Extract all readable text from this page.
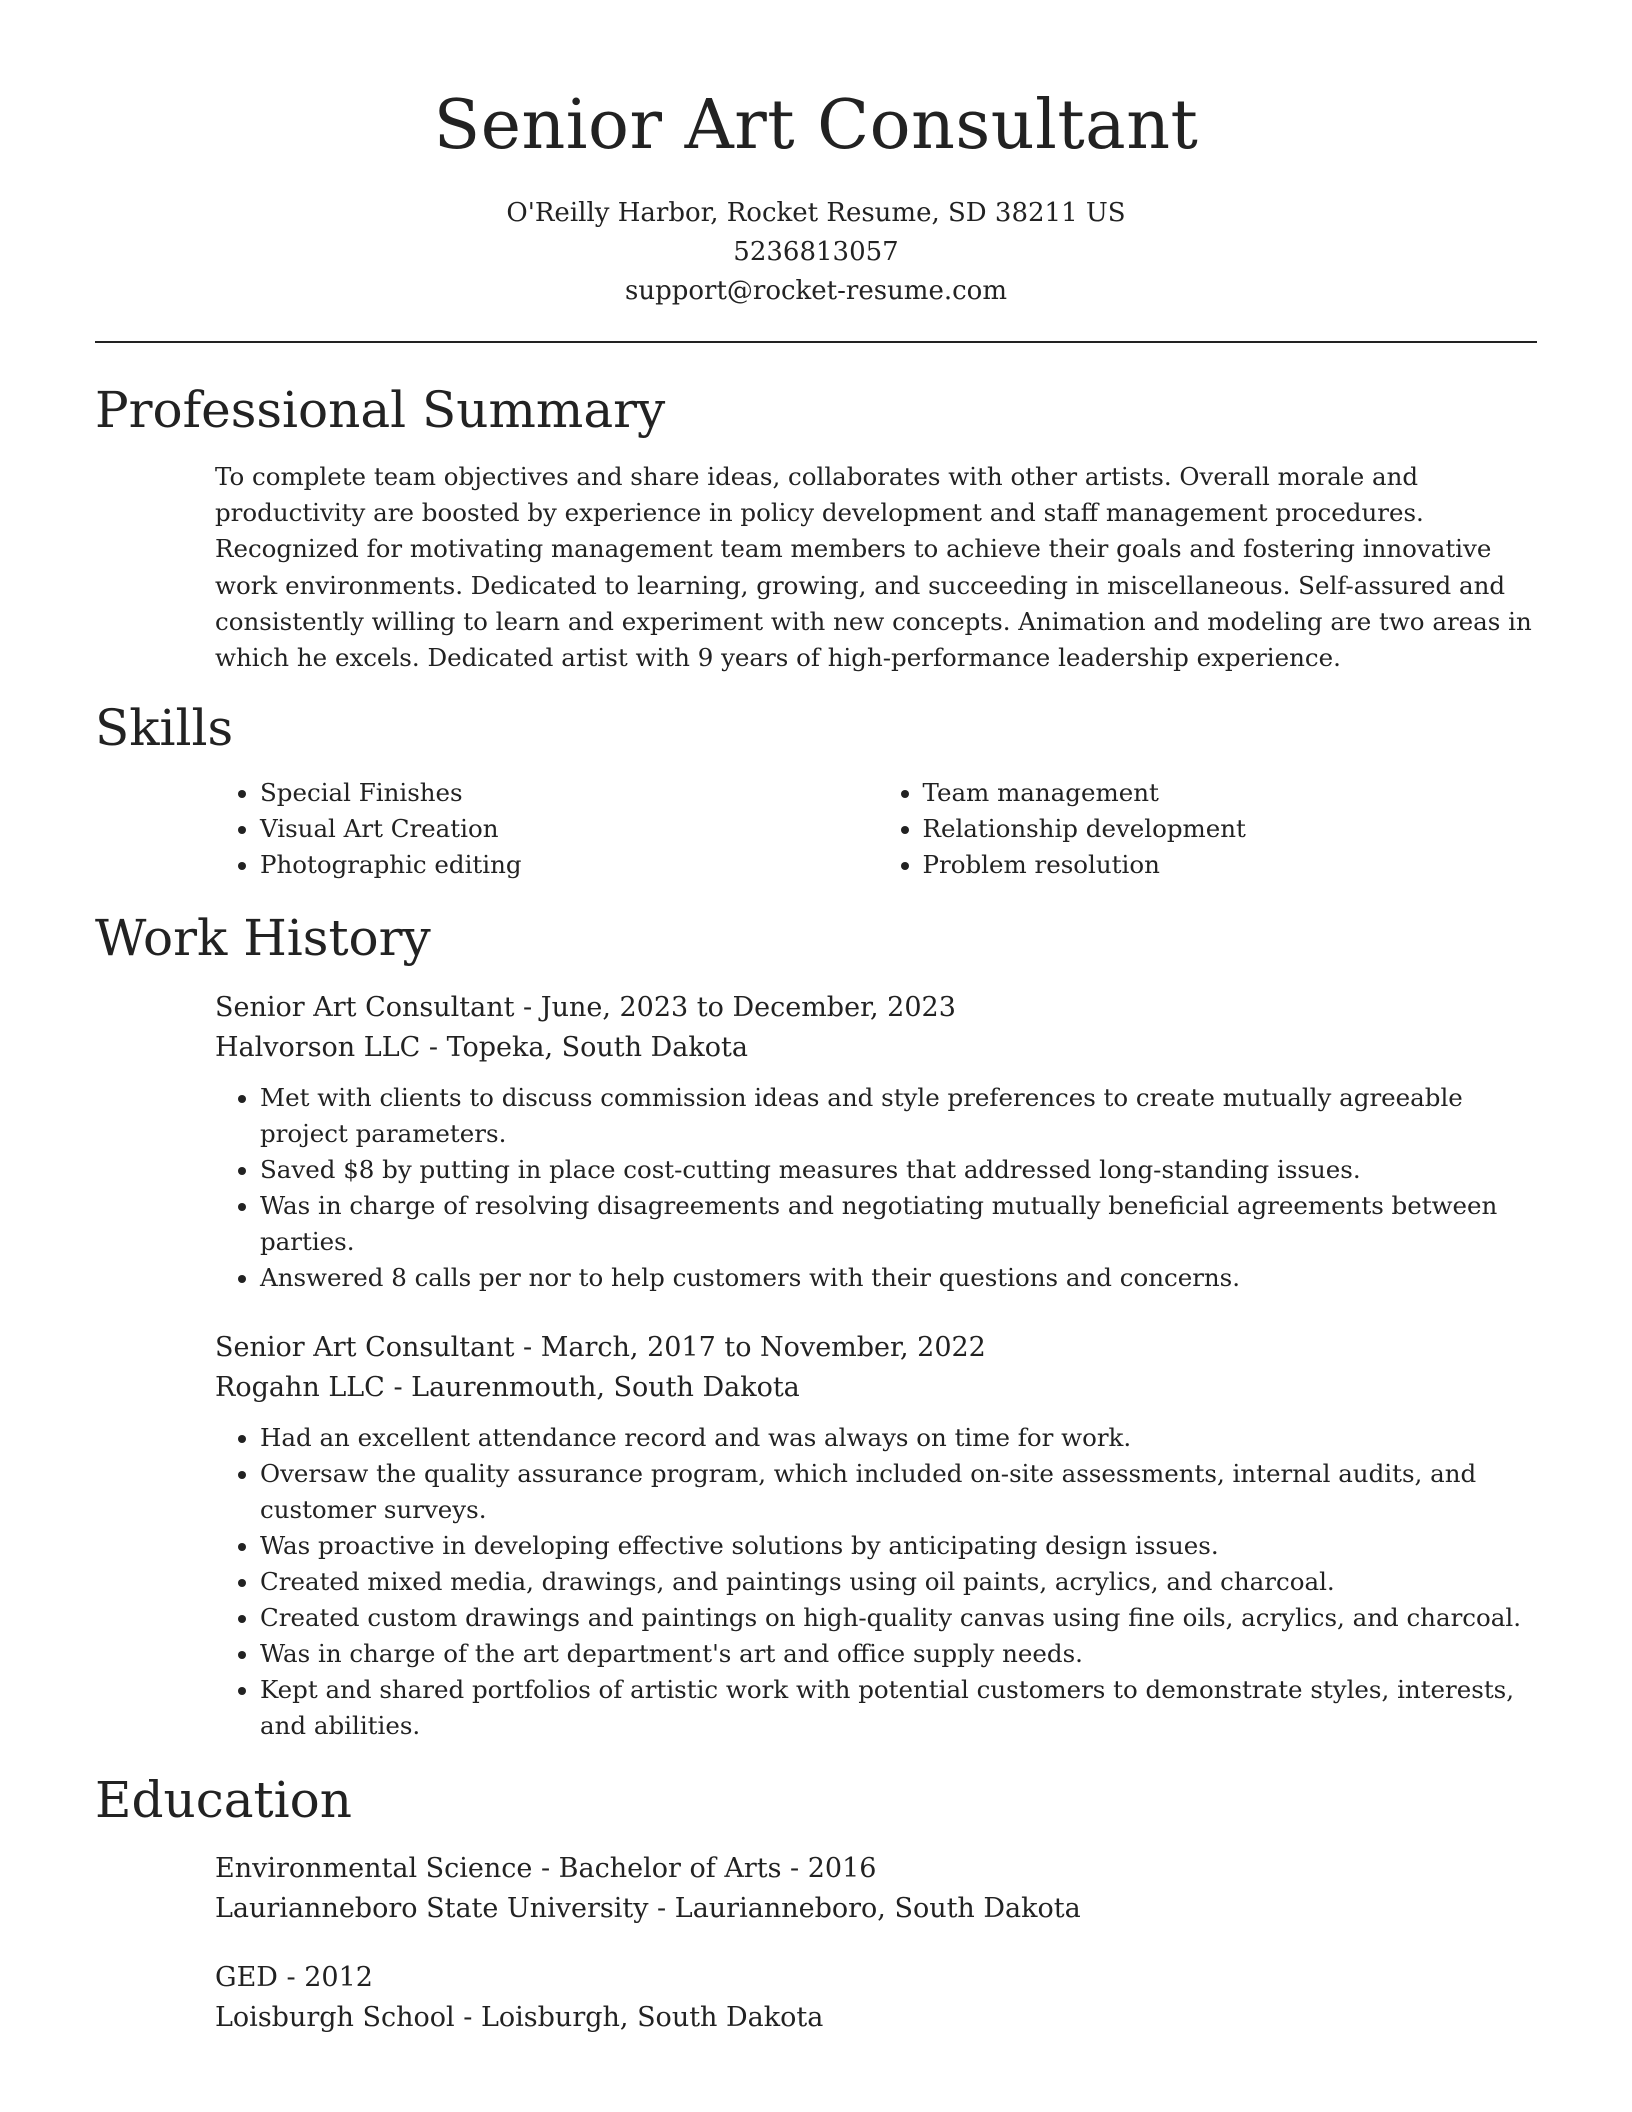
Senior Art Consultant
O'Reilly Harbor, Rocket Resume, SD 38211 US
5236813057
support@rocket-resume.com
Professional Summary

To complete team objectives and share ideas, collaborates with other artists. Overall morale and productivity are boosted by experience in policy development and staff management procedures. Recognized for motivating management team members to achieve their goals and fostering innovative work environments. Dedicated to learning, growing, and succeeding in miscellaneous. Self-assured and consistently willing to learn and experiment with new concepts. Animation and modeling are two areas in which he excels. Dedicated artist with 9 years of high-performance leadership experience.

Skills
• Special Finishes
• Visual Art Creation
• Photographic editing
• Team management
• Relationship development
• Problem resolution
Work History
Senior Art Consultant - June, 2023 to December, 2023
Halvorson LLC - Topeka, South Dakota
• Met with clients to discuss commission ideas and style preferences to create mutually agreeable project parameters.
• Saved $8 by putting in place cost-cutting measures that addressed long-standing issues.
• Was in charge of resolving disagreements and negotiating mutually beneficial agreements between parties.
• Answered 8 calls per nor to help customers with their questions and concerns.
Senior Art Consultant - March, 2017 to November, 2022
Rogahn LLC - Laurenmouth, South Dakota
• Had an excellent attendance record and was always on time for work.
• Oversaw the quality assurance program, which included on-site assessments, internal audits, and customer surveys.
• Was proactive in developing effective solutions by anticipating design issues.
• Created mixed media, drawings, and paintings using oil paints, acrylics, and charcoal.
• Created custom drawings and paintings on high-quality canvas using fine oils, acrylics, and charcoal.
• Was in charge of the art department's art and office supply needs.
• Kept and shared portfolios of artistic work with potential customers to demonstrate styles, interests, and abilities.
Education
Environmental Science - Bachelor of Arts - 2016
Laurianneboro State University - Laurianneboro, South Dakota
GED - 2012
Loisburgh School - Loisburgh, South Dakota
